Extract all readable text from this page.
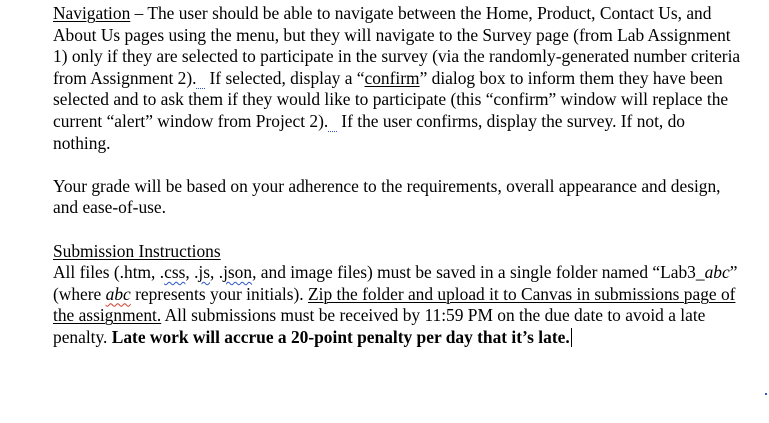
Navigation – The user should be able to navigate between the Home, Product, Contact Us, and About Us pages using the menu, but they will navigate to the Survey page (from Lab Assignment 1) only if they are selected to participate in the survey (via the randomly-generated number criteria from Assignment 2).   If selected, display a “confirm” dialog box to inform them they have been selected and to ask them if they would like to participate (this “confirm” window will replace the current “alert” window from Project 2).   If the user confirms, display the survey. If not, do nothing.

Your grade will be based on your adherence to the requirements, overall appearance and design, and ease-of-use.

Submission Instructions

All files (.htm, .css, .js, .json, and image files) must be saved in a single folder named “Lab3_abc” (where abc represents your initials). Zip the folder and upload it to Canvas in submissions page of the assignment. All submissions must be received by 11:59 PM on the due date to avoid a late penalty. Late work will accrue a 20-point penalty per day that it’s late.
